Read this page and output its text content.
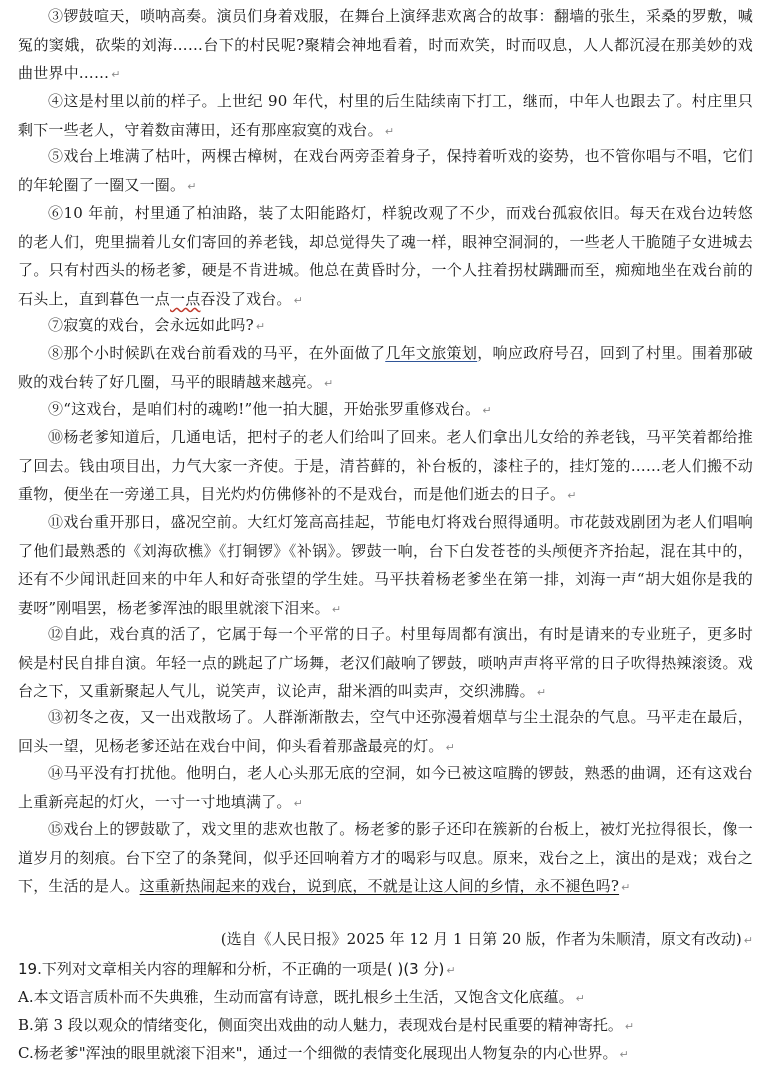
③锣鼓喧天，唢呐高奏。演员们身着戏服，在舞台上演绎悲欢离合的故事：翻墙的张生，采桑的罗敷，喊冤的窦娥，砍柴的刘海……台下的村民呢?聚精会神地看着，时而欢笑，时而叹息，人人都沉浸在那美妙的戏曲世界中…… ↵

④这是村里以前的样子。上世纪 90 年代，村里的后生陆续南下打工，继而，中年人也跟去了。村庄里只剩下一些老人，守着数亩薄田，还有那座寂寞的戏台。 ↵

⑤戏台上堆满了枯叶，两棵古樟树，在戏台两旁歪着身子，保持着听戏的姿势，也不管你唱与不唱，它们的年轮圈了一圈又一圈。 ↵

⑥10 年前，村里通了柏油路，装了太阳能路灯，样貌改观了不少，而戏台孤寂依旧。每天在戏台边转悠的老人们，兜里揣着儿女们寄回的养老钱，却总觉得失了魂一样，眼神空洞洞的，一些老人干脆随子女进城去了。只有村西头的杨老爹，硬是不肯进城。他总在黄昏时分，一个人拄着拐杖蹒跚而至，痴痴地坐在戏台前的石头上，直到暮色一点一点吞没了戏台。 ↵

⑦寂寞的戏台，会永远如此吗? ↵

⑧那个小时候趴在戏台前看戏的马平，在外面做了几年文旅策划，响应政府号召，回到了村里。围着那破败的戏台转了好几圈，马平的眼睛越来越亮。 ↵

⑨“这戏台，是咱们村的魂哟!”他一拍大腿，开始张罗重修戏台。 ↵

⑩杨老爹知道后，几通电话，把村子的老人们给叫了回来。老人们拿出儿女给的养老钱，马平笑着都给推了回去。钱由项目出，力气大家一齐使。于是，清苔藓的，补台板的，漆柱子的，挂灯笼的……老人们搬不动重物，便坐在一旁递工具，目光灼灼仿佛修补的不是戏台，而是他们逝去的日子。 ↵

⑪戏台重开那日，盛况空前。大红灯笼高高挂起，节能电灯将戏台照得通明。市花鼓戏剧团为老人们唱响了他们最熟悉的《刘海砍樵》《打铜锣》《补锅》。锣鼓一响，台下白发苍苍的头颅便齐齐抬起，混在其中的，还有不少闻讯赶回来的中年人和好奇张望的学生娃。马平扶着杨老爹坐在第一排，刘海一声“胡大姐你是我的妻呀”刚唱罢，杨老爹浑浊的眼里就滚下泪来。 ↵

⑫自此，戏台真的活了，它属于每一个平常的日子。村里每周都有演出，有时是请来的专业班子，更多时候是村民自排自演。年轻一点的跳起了广场舞，老汉们敲响了锣鼓，唢呐声声将平常的日子吹得热辣滚烫。戏台之下，又重新聚起人气儿，说笑声，议论声，甜米酒的叫卖声，交织沸腾。 ↵

⑬初冬之夜，又一出戏散场了。人群渐渐散去，空气中还弥漫着烟草与尘土混杂的气息。马平走在最后，回头一望，见杨老爹还站在戏台中间，仰头看着那盏最亮的灯。 ↵

⑭马平没有打扰他。他明白，老人心头那无底的空洞，如今已被这喧腾的锣鼓，熟悉的曲调，还有这戏台上重新亮起的灯火，一寸一寸地填满了。 ↵

⑮戏台上的锣鼓歇了，戏文里的悲欢也散了。杨老爹的影子还印在簇新的台板上，被灯光拉得很长，像一道岁月的刻痕。台下空了的条凳间，似乎还回响着方才的喝彩与叹息。原来，戏台之上，演出的是戏；戏台之下，生活的是人。这重新热闹起来的戏台，说到底，不就是让这人间的乡情，永不褪色吗? ↵

(选自《人民日报》2025 年 12 月 1 日第 20 版，作者为朱顺清，原文有改动) ↵

19.下列对文章相关内容的理解和分析，不正确的一项是( )(3 分) ↵

A.本文语言质朴而不失典雅，生动而富有诗意，既扎根乡土生活，又饱含文化底蕴。 ↵

B.第 3 段以观众的情绪变化，侧面突出戏曲的动人魅力，表现戏台是村民重要的精神寄托。 ↵

C.杨老爹"浑浊的眼里就滚下泪来"，通过一个细微的表情变化展现出人物复杂的内心世界。 ↵
